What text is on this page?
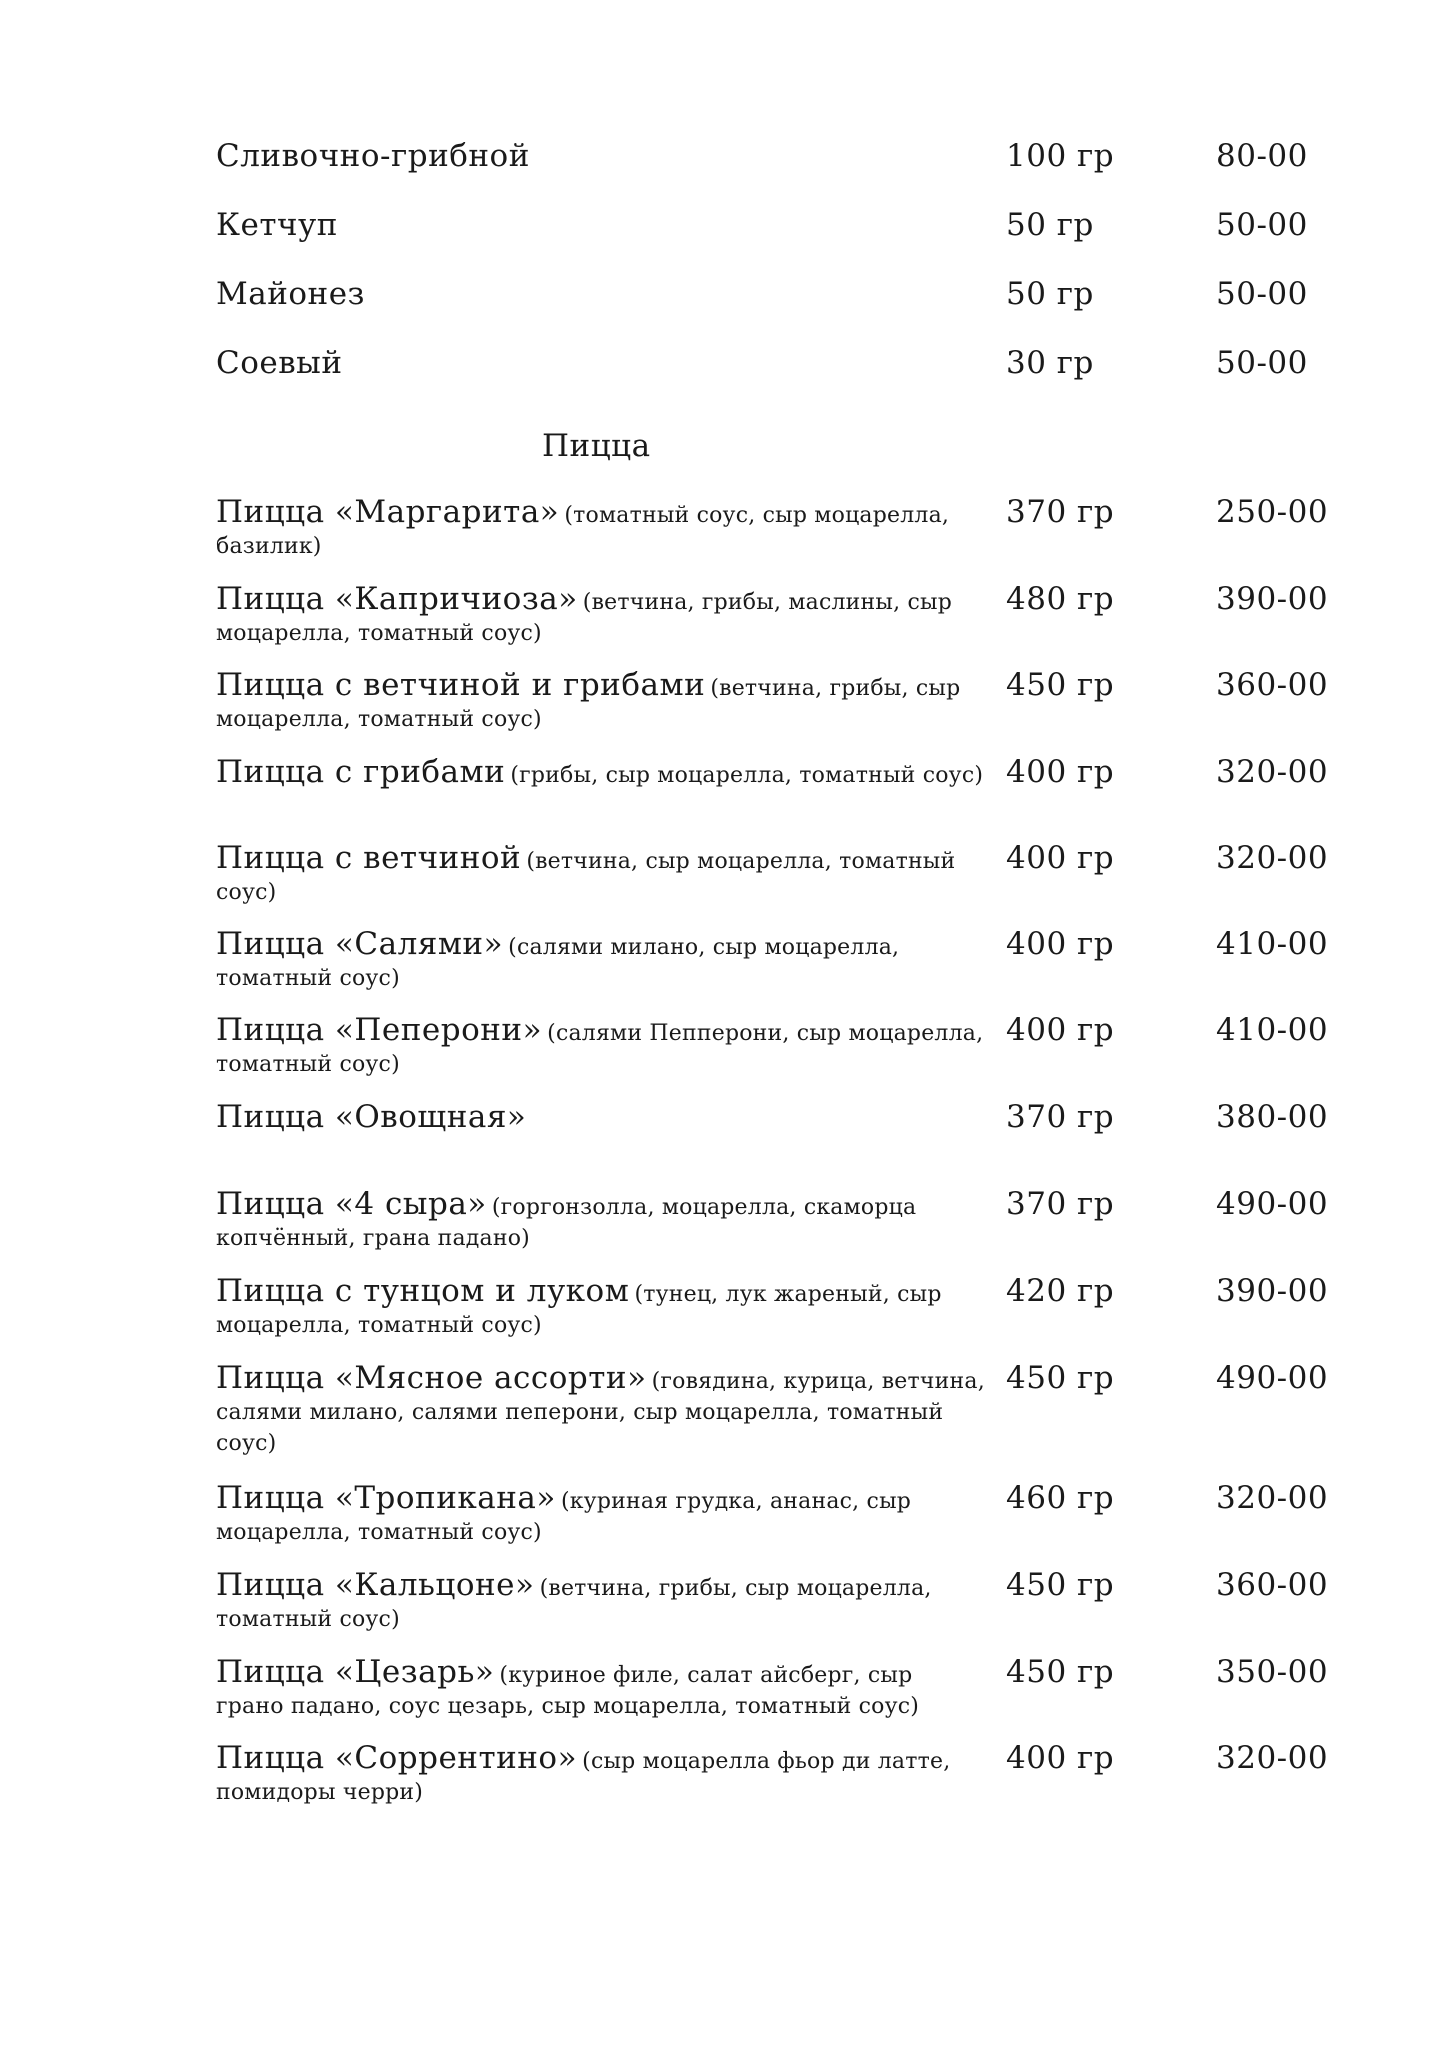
Сливочно-грибной	100 гр	80-00
Кетчуп	50 гр	50-00
Майонез	50 гр	50-00
Соевый	30 гр	50-00
Пицца
Пицца «Маргарита» (томатный соус, сыр моцарелла, базилик)
370 гр	250-00
Пицца «Капричиоза» (ветчина, грибы, маслины, сыр моцарелла, томатный соус)
480 гр	390-00
Пицца с ветчиной и грибами (ветчина, грибы, сыр моцарелла, томатный соус)
450 гр	360-00
Пицца с грибами (грибы, сыр моцарелла, томатный соус) 400 гр	320-00
Пицца с ветчиной (ветчина, сыр моцарелла, томатный соус)
400 гр	320-00
Пицца «Салями» (салями милано, сыр моцарелла, томатный соус)
400 гр	410-00
Пицца «Пеперони» (салями Пепперони, сыр моцарелла, томатный соус)
400 гр	410-00
Пицца «Овощная»	370 гр	380-00
Пицца «4 сыра» (горгонзолла, моцарелла, скаморца копчённый, грана падано)
370 гр	490-00
Пицца с тунцом и луком (тунец, лук жареный, сыр моцарелла, томатный соус)
420 гр	390-00
Пицца «Мясное ассорти» (говядина, курица, ветчина, салями милано, салями пеперони, сыр моцарелла, томатный соус)
450 гр	490-00
Пицца «Тропикана» (куриная грудка, ананас, сыр моцарелла, томатный соус)
460 гр	320-00
Пицца «Кальцоне» (ветчина, грибы, сыр моцарелла, томатный соус)
450 гр	360-00
Пицца «Цезарь» (куриное филе, салат айсберг, сыр грано падано, соус цезарь, сыр моцарелла, томатный соус)
450 гр	350-00
Пицца «Соррентино» (сыр моцарелла фьор ди латте, помидоры черри)
400 гр	320-00
